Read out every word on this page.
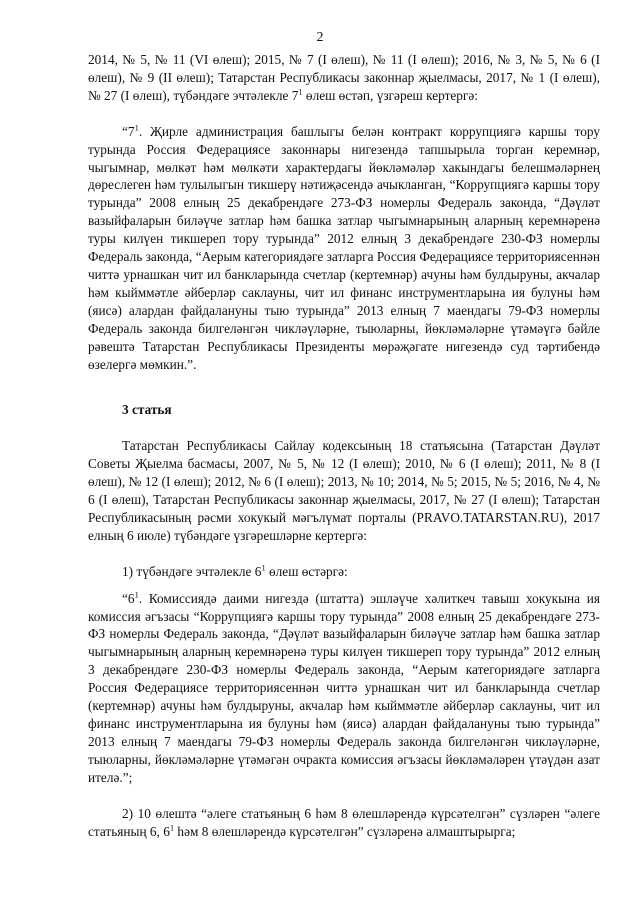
2

2014, № 5, № 11 (VI өлеш); 2015, № 7 (I өлеш), № 11 (I өлеш); 2016, № 3, № 5, № 6 (I өлеш), № 9 (II өлеш); Татарстан Республикасы законнар җыелмасы, 2017, № 1 (I өлеш), № 27 (I өлеш), түбәндәге эчтәлекле $7^1$ өлеш өстәп, үзгәреш кертергә:

“$7^1$. Җирле администрация башлыгы белән контракт коррупциягә каршы тору турында Россия Федерациясе законнары нигезендә тапшырыла торган керемнәр, чыгымнар, мөлкәт һәм мөлкәти характердагы йөкләмәләр хакындагы белешмәләрнең дөреслеген һәм тулылыгын тикшерү нәтиҗәсендә ачыкланган, “Коррупциягә каршы тору турында” 2008 елның 25 декабрендәге 273-ФЗ номерлы Федераль законда, “Дәүләт вазыйфаларын биләүче затлар һәм башка затлар чыгымнарының аларның керемнәренә туры килүен тикшереп тору турында” 2012 елның 3 декабрендәге 230-ФЗ номерлы Федераль законда, “Аерым категориядәге затларга Россия Федерациясе территориясеннән читтә урнашкан чит ил банкларында счетлар (кертемнәр) ачуны һәм булдыруны, акчалар һәм кыйммәтле әйберләр саклауны, чит ил финанс инструментларына ия булуны һәм (яисә) алардан файдалануны тыю турында” 2013 елның 7 маендагы 79-ФЗ номерлы Федераль законда билгеләнгән чикләүләрне, тыюларны, йөкләмәләрне үтәмәүгә бәйле рәвештә Татарстан Республикасы Президенты мөрәҗәгате нигезендә суд тәртибендә өзелергә мөмкин.”.

3 статья

Татарстан Республикасы Сайлау кодексының 18 статьясына (Татарстан Дәүләт Советы Җыелма басмасы, 2007, № 5, № 12 (I өлеш); 2010, № 6 (I өлеш); 2011, № 8 (I өлеш), № 12 (I өлеш); 2012, № 6 (I өлеш); 2013, № 10; 2014, № 5; 2015, № 5; 2016, № 4, № 6 (I өлеш), Татарстан Республикасы законнар җыелмасы, 2017, № 27 (I өлеш); Татарстан Республикасының рәсми хокукый мәгълүмат порталы (PRAVO.TATARSTAN.RU), 2017 елның 6 июле) түбәндәге үзгәрешләрне кертергә:

1) түбәндәге эчтәлекле $6^1$ өлеш өстәргә:

“$6^1$. Комиссиядә даими нигездә (штатта) эшләүче хәлиткеч тавыш хокукына ия комиссия әгъзасы “Коррупциягә каршы тору турында” 2008 елның 25 декабрендәге 273-ФЗ номерлы Федераль законда, “Дәүләт вазыйфаларын биләүче затлар һәм башка затлар чыгымнарының аларның керемнәренә туры килүен тикшереп тору турында” 2012 елның 3 декабрендәге 230-ФЗ номерлы Федераль законда, “Аерым категориядәге затларга Россия Федерациясе территориясеннән читтә урнашкан чит ил банкларында счетлар (кертемнәр) ачуны һәм булдыруны, акчалар һәм кыйммәтле әйберләр саклауны, чит ил финанс инструментларына ия булуны һәм (яисә) алардан файдалануны тыю турында” 2013 елның 7 маендагы 79-ФЗ номерлы Федераль законда билгеләнгән чикләүләрне, тыюларны, йөкләмәләрне үтәмәгән очракта комиссия әгъзасы йөкләмәләрен үтәүдән азат ителә.”;

2) 10 өлештә “әлеге статьяның 6 һәм 8 өлешләрендә күрсәтелгән” сүзләрен “әлеге статьяның 6, $6^1$ һәм 8 өлешләрендә күрсәтелгән” сүзләренә алмаштырырга;
